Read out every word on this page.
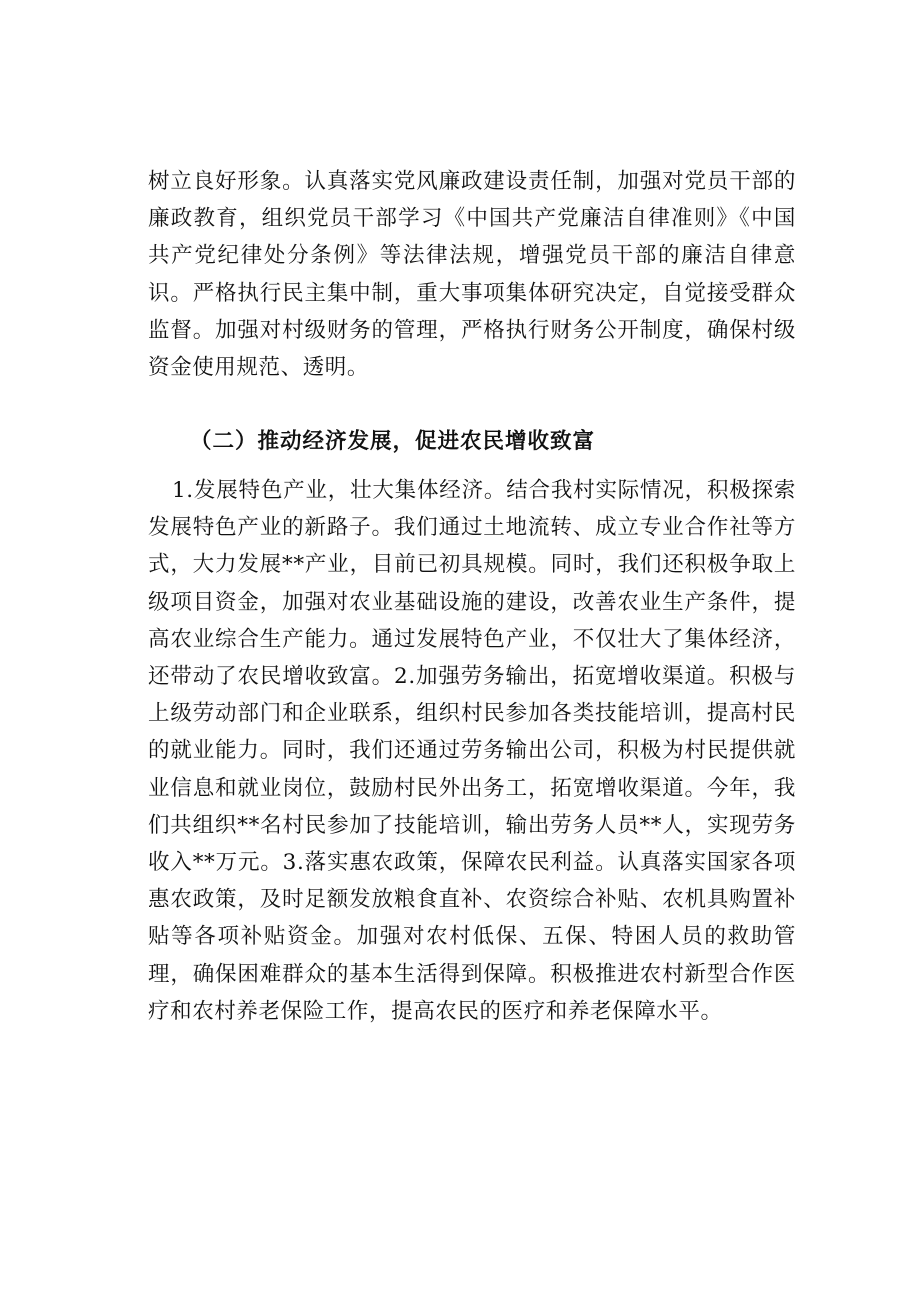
树立良好形象。认真落实党风廉政建设责任制，加强对党员干部的廉政教育，组织党员干部学习《中国共产党廉洁自律准则》《中国共产党纪律处分条例》等法律法规，增强党员干部的廉洁自律意识。严格执行民主集中制，重大事项集体研究决定，自觉接受群众监督。加强对村级财务的管理，严格执行财务公开制度，确保村级资金使用规范、透明。

（二）推动经济发展，促进农民增收致富

1.发展特色产业，壮大集体经济。结合我村实际情况，积极探索发展特色产业的新路子。我们通过土地流转、成立专业合作社等方式，大力发展**产业，目前已初具规模。同时，我们还积极争取上级项目资金，加强对农业基础设施的建设，改善农业生产条件，提高农业综合生产能力。通过发展特色产业，不仅壮大了集体经济，还带动了农民增收致富。2.加强劳务输出，拓宽增收渠道。积极与上级劳动部门和企业联系，组织村民参加各类技能培训，提高村民的就业能力。同时，我们还通过劳务输出公司，积极为村民提供就业信息和就业岗位，鼓励村民外出务工，拓宽增收渠道。今年，我们共组织**名村民参加了技能培训，输出劳务人员**人，实现劳务收入**万元。3.落实惠农政策，保障农民利益。认真落实国家各项惠农政策，及时足额发放粮食直补、农资综合补贴、农机具购置补贴等各项补贴资金。加强对农村低保、五保、特困人员的救助管理，确保困难群众的基本生活得到保障。积极推进农村新型合作医疗和农村养老保险工作，提高农民的医疗和养老保障水平。
